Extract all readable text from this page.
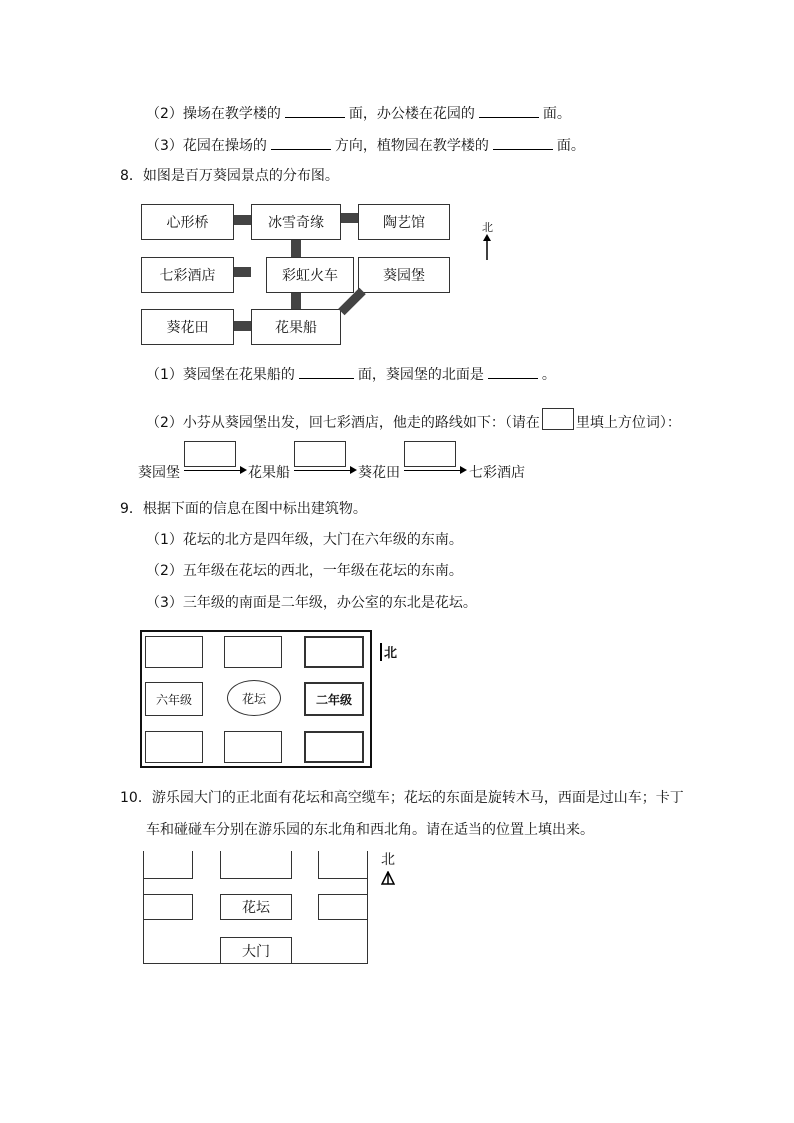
（2）操场在教学楼的	面，办公楼在花园的	面。
（3）花园在操场的	方向，植物园在教学楼的	面。
8．如图是百万葵园景点的分布图。
心形桥	冰雪奇缘	陶艺馆
七彩酒店	彩虹火车	葵园堡
葵花田	花果船
北
（1）葵园堡在花果船的	面，葵园堡的北面是	。
（2）小芬从葵园堡出发，回七彩酒店，他走的路线如下：（请在	里填上方位词）：
葵园堡	花果船	葵花田	七彩酒店
9．根据下面的信息在图中标出建筑物。
（1）花坛的北方是四年级，大门在六年级的东南。
（2）五年级在花坛的西北，一年级在花坛的东南。
（3）三年级的南面是二年级，办公室的东北是花坛。
六年级	花坛	二年级
北
10．游乐园大门的正北面有花坛和高空缆车；花坛的东面是旋转木马，西面是过山车；卡丁
车和碰碰车分别在游乐园的东北角和西北角。请在适当的位置上填出来。
花坛
大门
北
